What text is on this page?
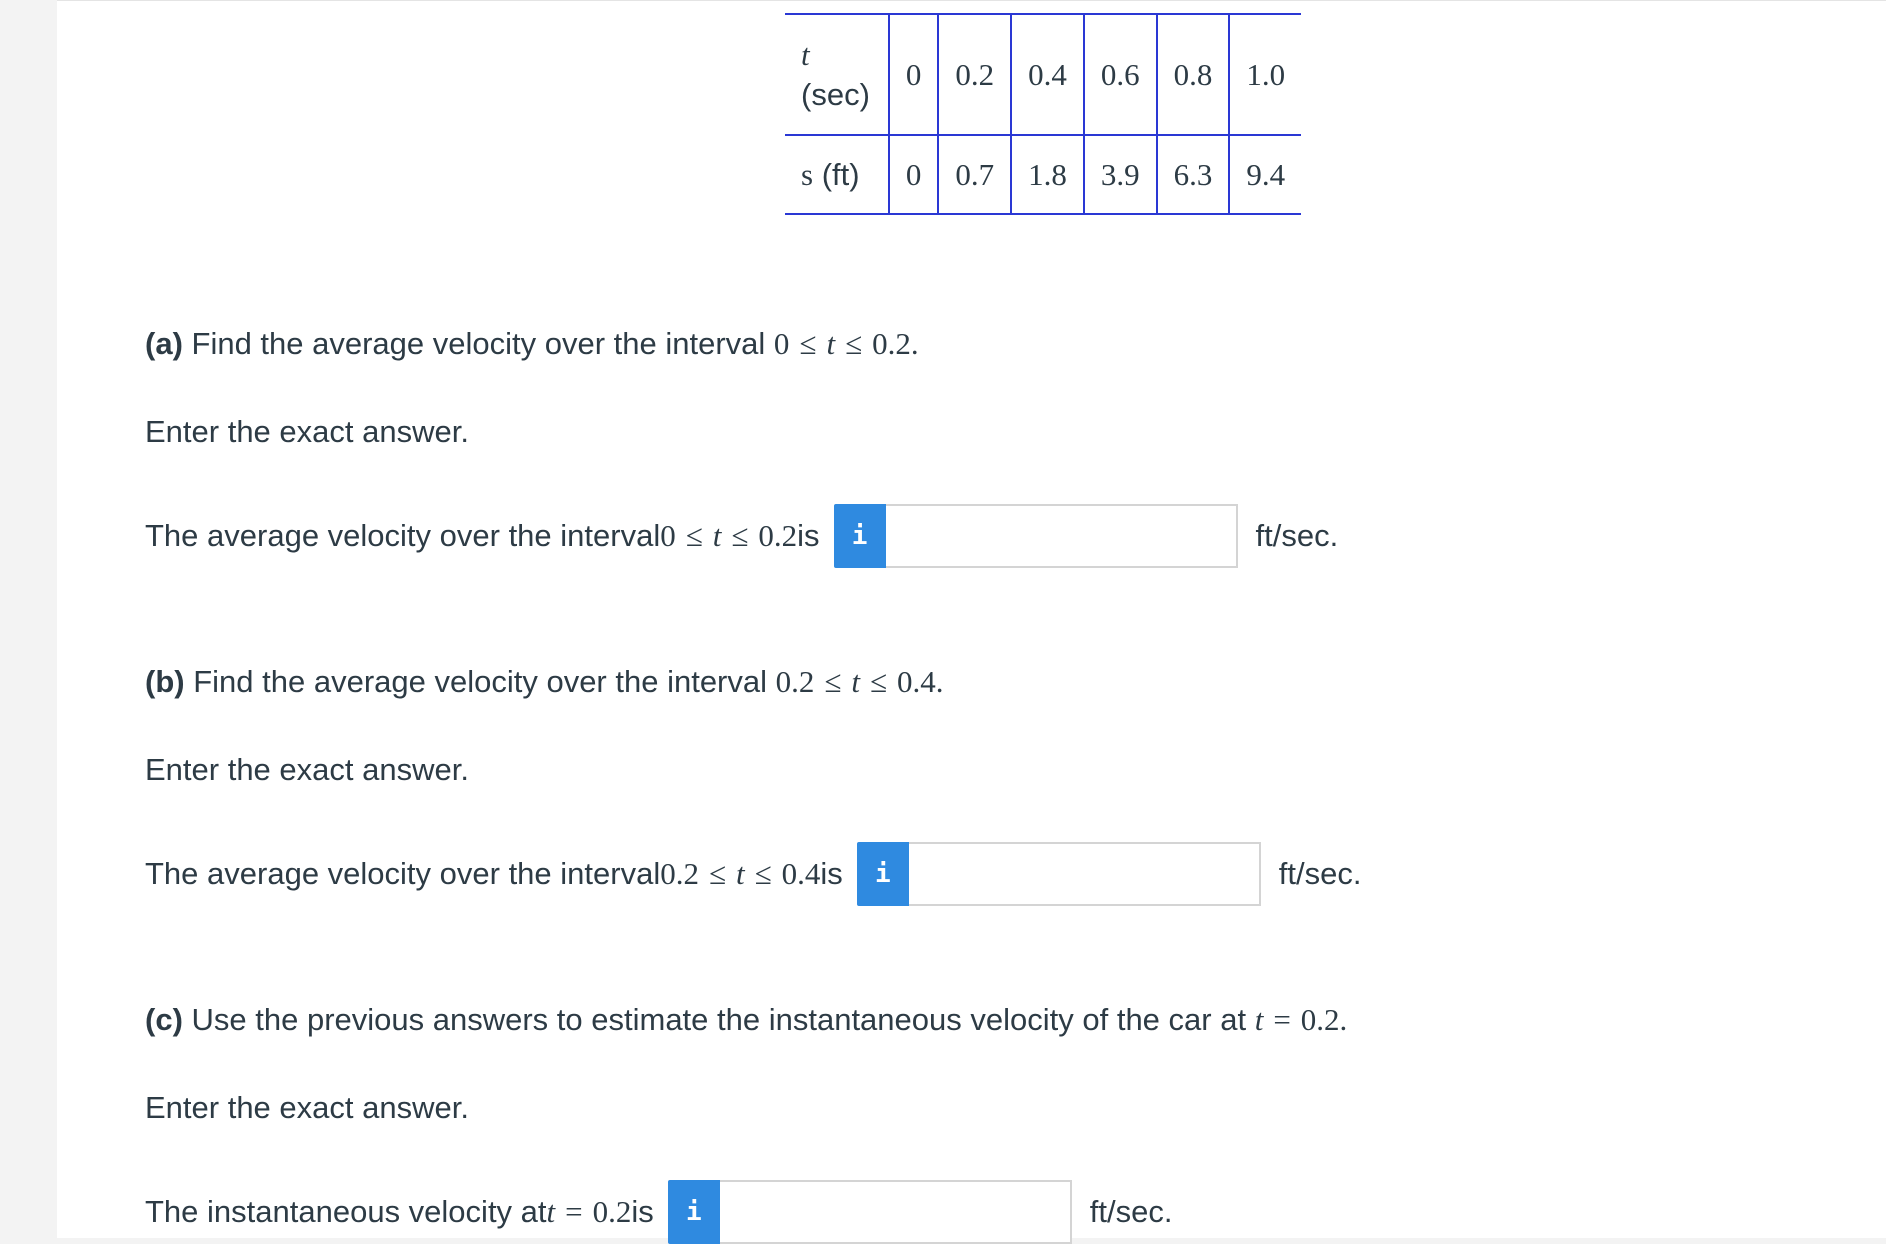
t
(sec)	0	0.2	0.4	0.6	0.8	1.0
s (ft)	0	0.7	1.8	3.9	6.3	9.4
(a) Find the average velocity over the interval 0 ≤ t ≤ 0.2.
Enter the exact answer.
The average velocity over the interval 0 ≤ t ≤ 0.2 is	i	ft/sec.
(b) Find the average velocity over the interval 0.2 ≤ t ≤ 0.4.
Enter the exact answer.
The average velocity over the interval 0.2 ≤ t ≤ 0.4 is	i	ft/sec.
(c) Use the previous answers to estimate the instantaneous velocity of the car at t = 0.2.
Enter the exact answer.
The instantaneous velocity at t = 0.2 is	i	ft/sec.
